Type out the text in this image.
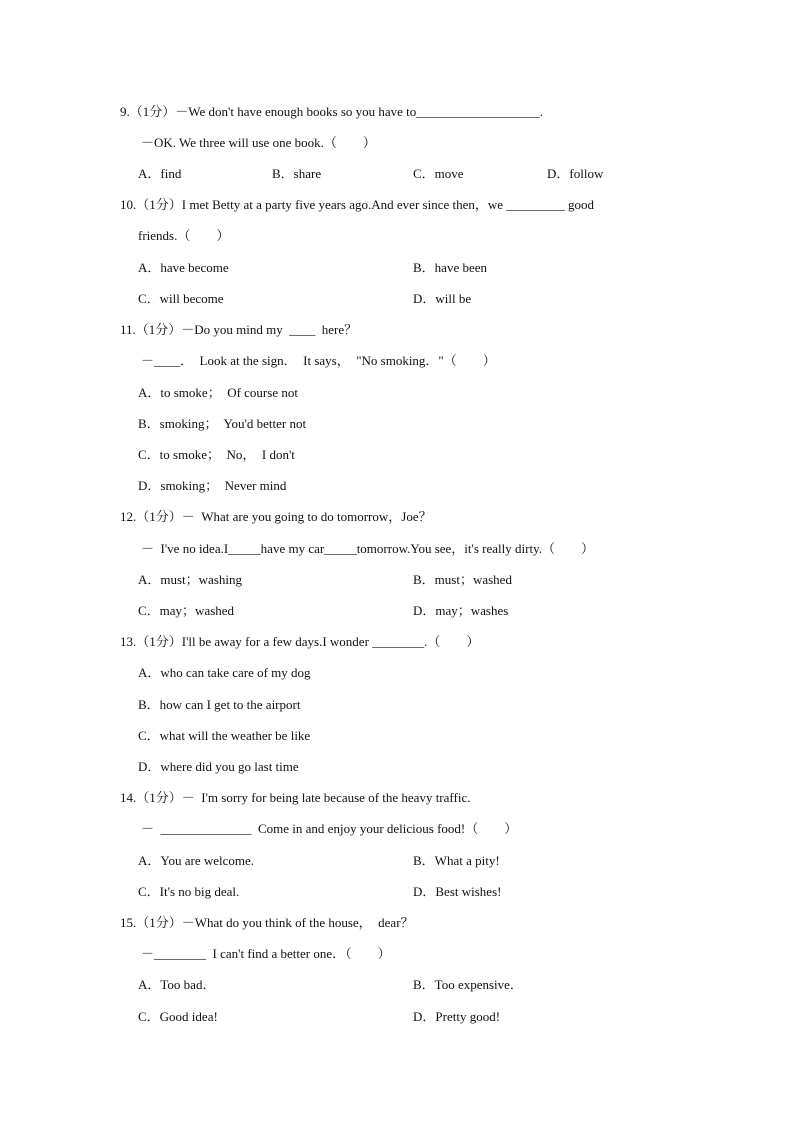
9.（1分）－We don't have enough books so you have to___________________.
－OK. We three will use one book.（　　）
A．find	B．share	C．move	D．follow
10.（1分）I met Betty at a party five years ago.And ever since then，we _________ good
friends.（　　）
A．have become	B．have been
C．will become	D．will be
11.（1分）－Do you mind my  ____  here？
－____．  Look at the sign．  It says，  "No smoking．"（　　）
A．to smoke；  Of course not
B．smoking；  You'd better not
C．to smoke；  No，  I don't
D．smoking；  Never mind
12.（1分）－  What are you going to do tomorrow，Joe？
－  I've no idea.I_____have my car_____tomorrow.You see，it's really dirty.（　　）
A．must；washing	B．must；washed
C．may；washed	D．may；washes
13.（1分）I'll be away for a few days.I wonder ________.（　　）
A．who can take care of my dog
B．how can I get to the airport
C．what will the weather be like
D．where did you go last time
14.（1分）－  I'm sorry for being late because of the heavy traffic.
－  ______________  Come in and enjoy your delicious food!（　　）
A．You are welcome.	B．What a pity!
C．It's no big deal.	D．Best wishes!
15.（1分）－What do you think of the house，  dear？
－________  I can't find a better one．（　　）
A．Too bad．	B．Too expensive．
C．Good idea!	D．Pretty good!
